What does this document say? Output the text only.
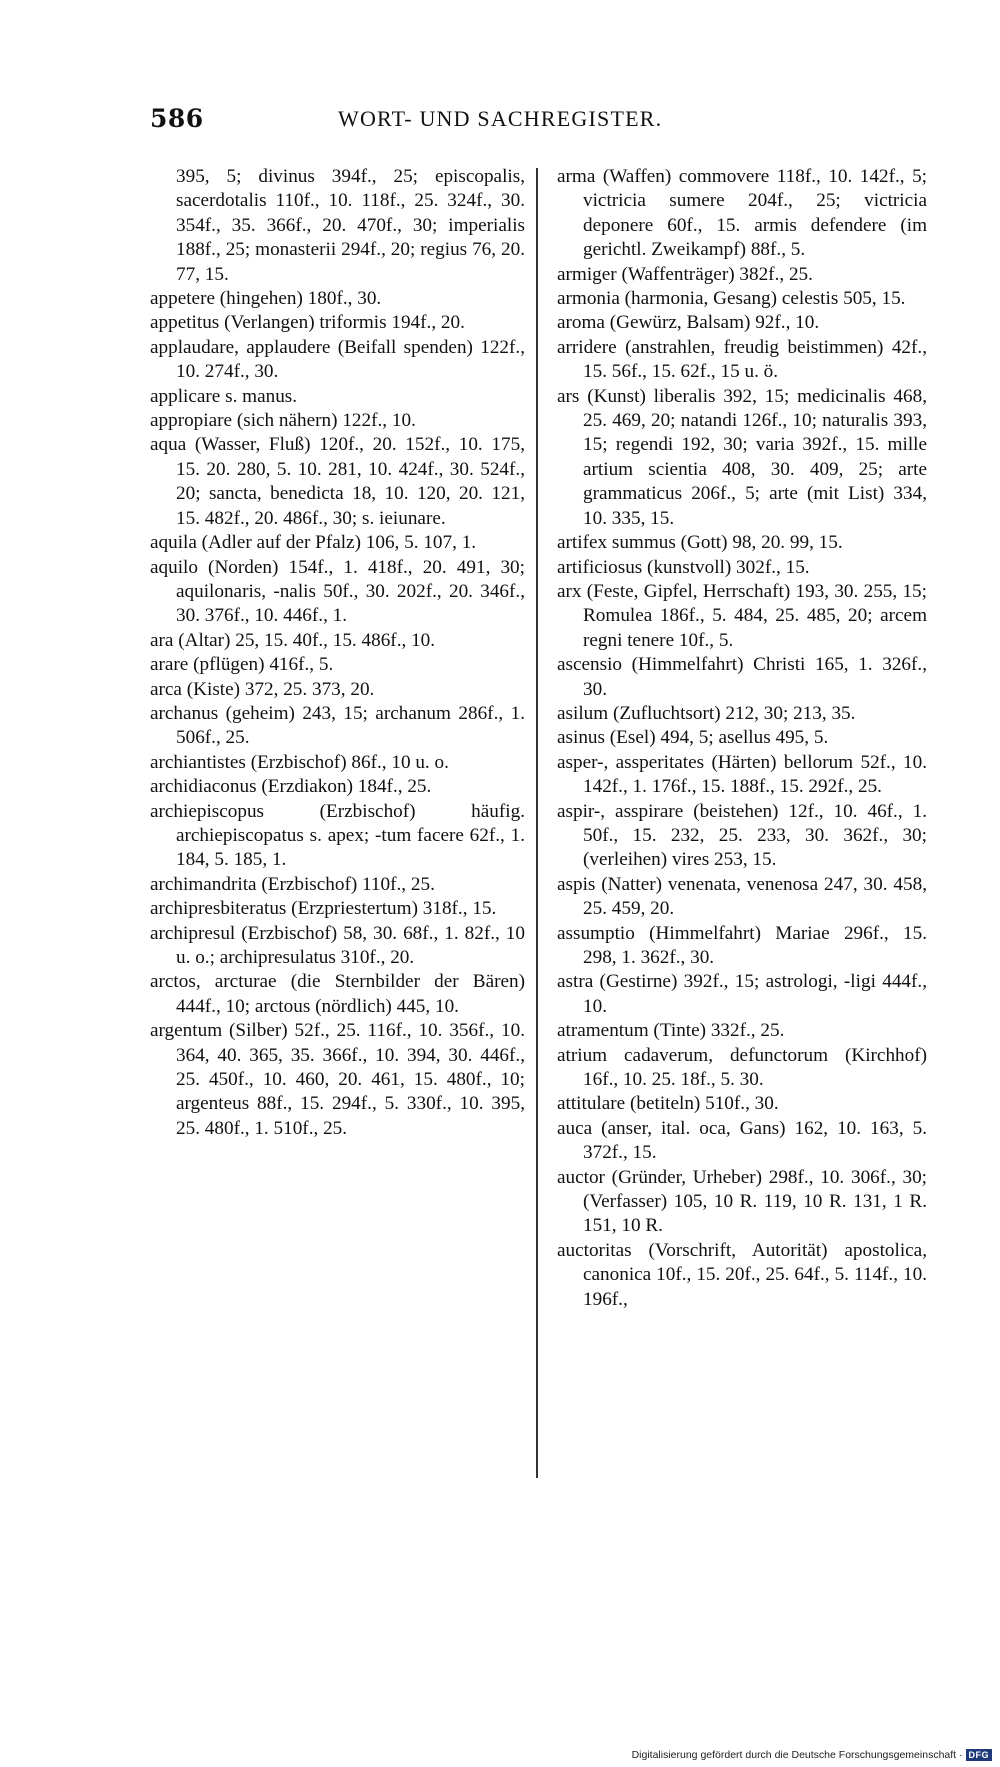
586	WORT- UND SACHREGISTER.

395, 5; divinus 394f., 25; episcopalis, sacerdotalis 110f., 10. 118f., 25. 324f., 30. 354f., 35. 366f., 20. 470f., 30; imperialis 188f., 25; monasterii 294f., 20; regius 76, 20. 77, 15.

appetere (hingehen) 180f., 30.

appetitus (Verlangen) triformis 194f., 20.

applaudare, applaudere (Beifall spenden) 122f., 10. 274f., 30.

applicare s. manus.

appropiare (sich nähern) 122f., 10.

aqua (Wasser, Fluß) 120f., 20. 152f., 10. 175, 15. 20. 280, 5. 10. 281, 10. 424f., 30. 524f., 20; sancta, benedicta 18, 10. 120, 20. 121, 15. 482f., 20. 486f., 30; s. ieiunare.

aquila (Adler auf der Pfalz) 106, 5. 107, 1.

aquilo (Norden) 154f., 1. 418f., 20. 491, 30; aquilonaris, -nalis 50f., 30. 202f., 20. 346f., 30. 376f., 10. 446f., 1.

ara (Altar) 25, 15. 40f., 15. 486f., 10.

arare (pflügen) 416f., 5.

arca (Kiste) 372, 25. 373, 20.

archanus (geheim) 243, 15; archanum 286f., 1. 506f., 25.

archiantistes (Erzbischof) 86f., 10 u. o.

archidiaconus (Erzdiakon) 184f., 25.

archiepiscopus (Erzbischof) häufig. archiepiscopatus s. apex; -tum facere 62f., 1. 184, 5. 185, 1.

archimandrita (Erzbischof) 110f., 25.

archipresbiteratus (Erzpriestertum) 318f., 15.

archipresul (Erzbischof) 58, 30. 68f., 1. 82f., 10 u. o.; archipresulatus 310f., 20.

arctos, arcturae (die Sternbilder der Bären) 444f., 10; arctous (nördlich) 445, 10.

argentum (Silber) 52f., 25. 116f., 10. 356f., 10. 364, 40. 365, 35. 366f., 10. 394, 30. 446f., 25. 450f., 10. 460, 20. 461, 15. 480f., 10; argenteus 88f., 15. 294f., 5. 330f., 10. 395, 25. 480f., 1. 510f., 25.

arma (Waffen) commovere 118f., 10. 142f., 5; victricia sumere 204f., 25; victricia deponere 60f., 15. armis defendere (im gerichtl. Zweikampf) 88f., 5.

armiger (Waffenträger) 382f., 25.

armonia (harmonia, Gesang) celestis 505, 15.

aroma (Gewürz, Balsam) 92f., 10.

arridere (anstrahlen, freudig beistimmen) 42f., 15. 56f., 15. 62f., 15 u. ö.

ars (Kunst) liberalis 392, 15; medicinalis 468, 25. 469, 20; natandi 126f., 10; naturalis 393, 15; regendi 192, 30; varia 392f., 15. mille artium scientia 408, 30. 409, 25; arte grammaticus 206f., 5; arte (mit List) 334, 10. 335, 15.

artifex summus (Gott) 98, 20. 99, 15.

artificiosus (kunstvoll) 302f., 15.

arx (Feste, Gipfel, Herrschaft) 193, 30. 255, 15; Romulea 186f., 5. 484, 25. 485, 20; arcem regni tenere 10f., 5.

ascensio (Himmelfahrt) Christi 165, 1. 326f., 30.

asilum (Zufluchtsort) 212, 30; 213, 35.

asinus (Esel) 494, 5; asellus 495, 5.

asper-, assperitates (Härten) bellorum 52f., 10. 142f., 1. 176f., 15. 188f., 15. 292f., 25.

aspir-, asspirare (beistehen) 12f., 10. 46f., 1. 50f., 15. 232, 25. 233, 30. 362f., 30; (verleihen) vires 253, 15.

aspis (Natter) venenata, venenosa 247, 30. 458, 25. 459, 20.

assumptio (Himmelfahrt) Mariae 296f., 15. 298, 1. 362f., 30.

astra (Gestirne) 392f., 15; astrologi, -ligi 444f., 10.

atramentum (Tinte) 332f., 25.

atrium cadaverum, defunctorum (Kirchhof) 16f., 10. 25. 18f., 5. 30.

attitulare (betiteln) 510f., 30.

auca (anser, ital. oca, Gans) 162, 10. 163, 5. 372f., 15.

auctor (Gründer, Urheber) 298f., 10. 306f., 30; (Verfasser) 105, 10 R. 119, 10 R. 131, 1 R. 151, 10 R.

auctoritas (Vorschrift, Autorität) apostolica, canonica 10f., 15. 20f., 25. 64f., 5. 114f., 10. 196f.,

Digitalisierung gefördert durch die Deutsche Forschungsgemeinschaft · DFG
